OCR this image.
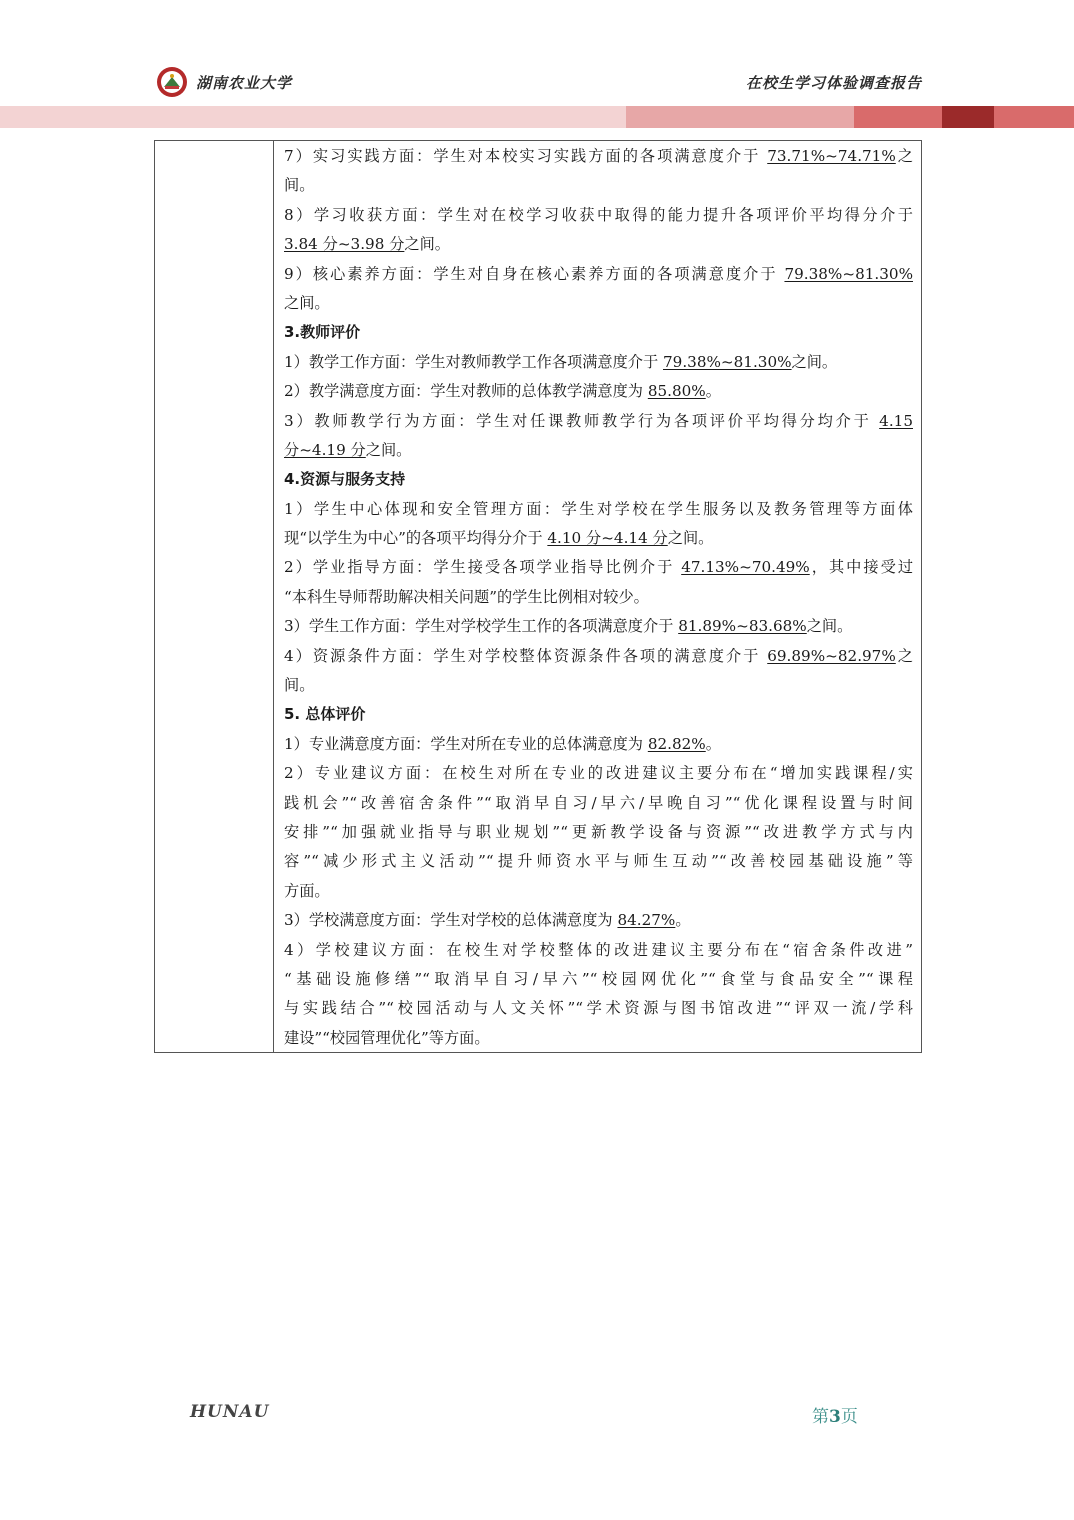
湖南农业大学	在校生学习体验调查报告
7）实习实践方面：学生对本校实习实践方面的各项满意度介于 73.71%~74.71%之
间。
8）学习收获方面：学生对在校学习收获中取得的能力提升各项评价平均得分介于
3.84 分~3.98 分之间。
9）核心素养方面：学生对自身在核心素养方面的各项满意度介于 79.38%~81.30%
之间。
3.教师评价
1）教学工作方面：学生对教师教学工作各项满意度介于 79.38%~81.30%之间。
2）教学满意度方面：学生对教师的总体教学满意度为 85.80%。
3）教师教学行为方面：学生对任课教师教学行为各项评价平均得分均介于 4.15
分~4.19 分之间。
4.资源与服务支持
1）学生中心体现和安全管理方面：学生对学校在学生服务以及教务管理等方面体
现“以学生为中心”的各项平均得分介于 4.10 分~4.14 分之间。
2）学业指导方面：学生接受各项学业指导比例介于 47.13%~70.49%，其中接受过
“本科生导师帮助解决相关问题”的学生比例相对较少。
3）学生工作方面：学生对学校学生工作的各项满意度介于 81.89%~83.68%之间。
4）资源条件方面：学生对学校整体资源条件各项的满意度介于 69.89%~82.97%之
间。
5. 总体评价
1）专业满意度方面：学生对所在专业的总体满意度为 82.82%。
2）专业建议方面：在校生对所在专业的改进建议主要分布在“增加实践课程/实
践机会”“改善宿舍条件”“取消早自习/早六/早晚自习”“优化课程设置与时间
安排”“加强就业指导与职业规划”“更新教学设备与资源”“改进教学方式与内
容”“减少形式主义活动”“提升师资水平与师生互动”“改善校园基础设施”等
方面。
3）学校满意度方面：学生对学校的总体满意度为 84.27%。
4）学校建议方面：在校生对学校整体的改进建议主要分布在“宿舍条件改进”
“基础设施修缮”“取消早自习/早六”“校园网优化”“食堂与食品安全”“课程
与实践结合”“校园活动与人文关怀”“学术资源与图书馆改进”“评双一流/学科
建设”“校园管理优化”等方面。
HUNAU	第3页
